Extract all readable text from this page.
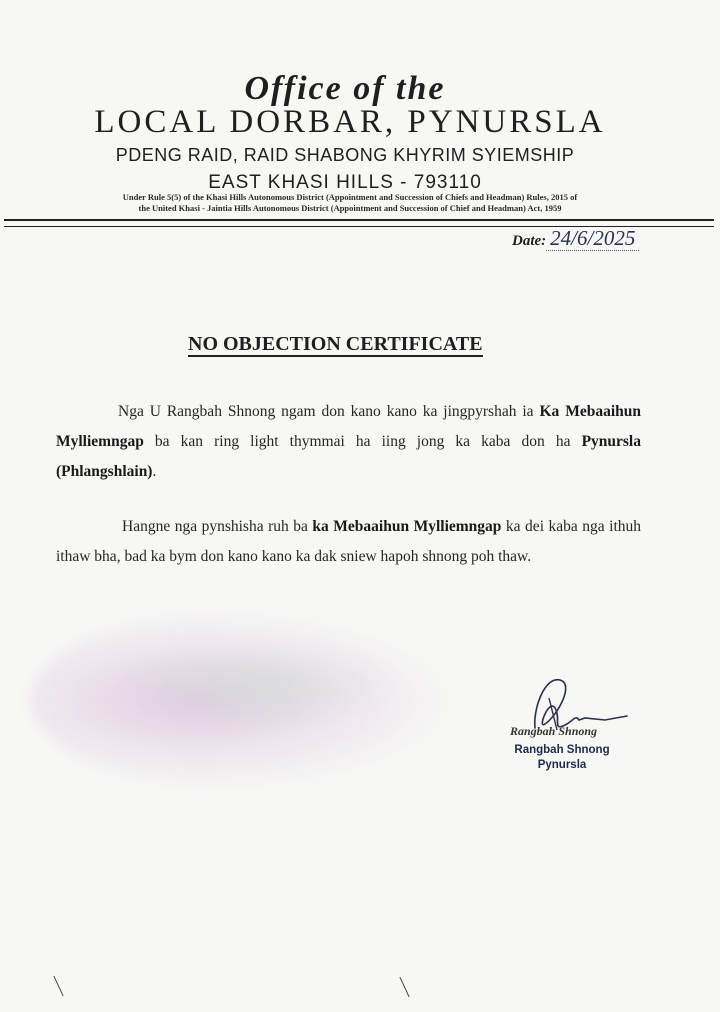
Office of the
LOCAL DORBAR, PYNURSLA
PDENG RAID, RAID SHABONG KHYRIM SYIEMSHIP
EAST KHASI HILLS - 793110
Under Rule 5(5) of the Khasi Hills Autonomous District (Appointment and Succession of Chiefs and Headman) Rules, 2015 of
the United Khasi - Jaintia Hills Autonomous District (Appointment and Succession of Chief and Headman) Act, 1959
Date: 24/6/2025
NO OBJECTION CERTIFICATE
Nga U Rangbah Shnong ngam don kano kano ka jingpyrshah ia Ka Mebaaihun Mylliemngap ba kan ring light thymmai ha iing jong ka kaba don ha Pynursla (Phlangshlain).
Hangne nga pynshisha ruh ba ka Mebaaihun Mylliemngap ka dei kaba nga ithuh ithaw bha, bad ka bym don kano kano ka dak sniew hapoh shnong poh thaw.
Rangbah Shnong
Rangbah Shnong
Pynursla
